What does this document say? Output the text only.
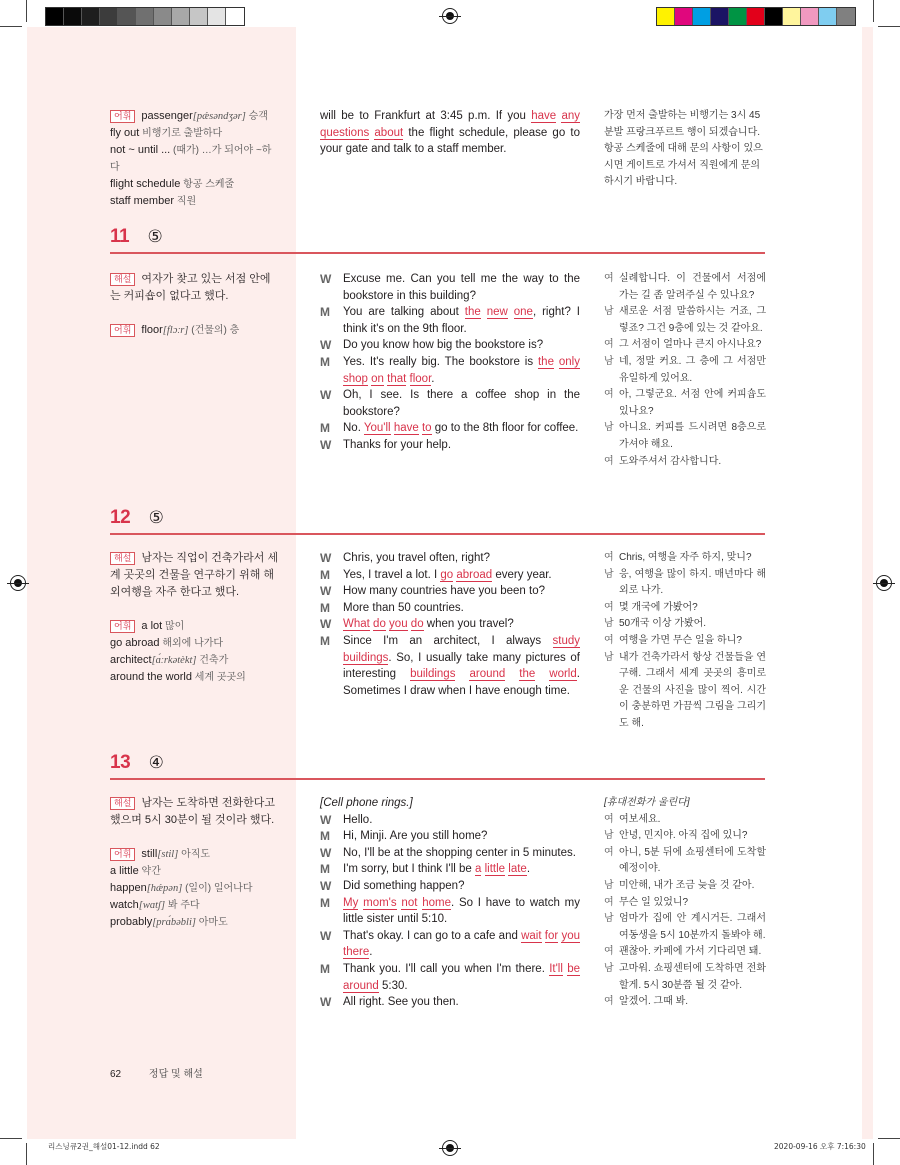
어휘 passenger[pǽsəndʒər] 승객
fly out 비행기로 출발하다
not ~ until ... (때가) …가 되어야 ~하다
flight schedule 항공 스케줄
staff member 직원
will be to Frankfurt at 3:45 p.m. If you have any questions about the flight schedule, please go to your gate and talk to a staff member.
가장 먼저 출발하는 비행기는 3시 45분발 프랑크푸르트 행이 되겠습니다. 항공 스케줄에 대해 문의 사항이 있으시면 게이트로 가셔서 직원에게 문의하시기 바랍니다.
11 ⑤
해설 여자가 찾고 있는 서점 안에는 커피숍이 없다고 했다.
어휘 floor[flɔːr] (건물의) 층
W	Excuse me. Can you tell me the way to the bookstore in this building?
M	You are talking about the new one, right? I think it's on the 9th floor.
W	Do you know how big the bookstore is?
M	Yes. It's really big. The bookstore is the only shop on that floor.
W	Oh, I see. Is there a coffee shop in the bookstore?
M	No. You'll have to go to the 8th floor for coffee.
W	Thanks for your help.
여 실례합니다. 이 건물에서 서점에 가는 길 좀 알려주실 수 있나요?
남 새로운 서점 말씀하시는 거죠, 그렇죠? 그건 9층에 있는 것 같아요.
여 그 서점이 얼마나 큰지 아시나요?
남 네, 정말 커요. 그 층에 그 서점만 유일하게 있어요.
여 아, 그렇군요. 서점 안에 커피숍도 있나요?
남 아니요. 커피를 드시려면 8층으로 가셔야 해요.
여 도와주셔서 감사합니다.
12 ⑤
해설 남자는 직업이 건축가라서 세계 곳곳의 건물을 연구하기 위해 해외여행을 자주 한다고 했다.
어휘 a lot 많이
go abroad 해외에 나가다
architect[ɑ́ːrkətèkt] 건축가
around the world 세계 곳곳의
W	Chris, you travel often, right?
M	Yes, I travel a lot. I go abroad every year.
W	How many countries have you been to?
M	More than 50 countries.
W	What do you do when you travel?
M	Since I'm an architect, I always study buildings. So, I usually take many pictures of interesting buildings around the world. Sometimes I draw when I have enough time.
여 Chris, 여행을 자주 하지, 맞니?
남 응, 여행을 많이 하지. 매년마다 해외로 나가.
여 몇 개국에 가봤어?
남 50개국 이상 가봤어.
여 여행을 가면 무슨 일을 하니?
남 내가 건축가라서 항상 건물들을 연구해. 그래서 세계 곳곳의 흥미로운 건물의 사진을 많이 찍어. 시간이 충분하면 가끔씩 그림을 그리기도 해.
13 ④
해설 남자는 도착하면 전화한다고 했으며 5시 30분이 될 것이라 했다.
어휘 still[stil] 아직도
a little 약간
happen[hǽpən] (일이) 일어나다
watch[wɑtʃ] 봐 주다
probably[prɑ́bəbli] 아마도
[Cell phone rings.]
W	Hello.
M	Hi, Minji. Are you still home?
W	No, I'll be at the shopping center in 5 minutes.
M	I'm sorry, but I think I'll be a little late.
W	Did something happen?
M	My mom's not home. So I have to watch my little sister until 5:10.
W	That's okay. I can go to a cafe and wait for you there.
M	Thank you. I'll call you when I'm there. It'll be around 5:30.
W	All right. See you then.
[휴대전화가 울린다]
여 여보세요.
남 안녕, 민지야. 아직 집에 있니?
여 아니, 5분 뒤에 쇼핑센터에 도착할 예정이야.
남 미안해, 내가 조금 늦을 것 같아.
여 무슨 일 있었니?
남 엄마가 집에 안 계시거든. 그래서 여동생을 5시 10분까지 돌봐야 해.
여 괜찮아. 카페에 가서 기다리면 돼.
남 고마워. 쇼핑센터에 도착하면 전화할게. 5시 30분쯤 될 것 같아.
여 알겠어. 그때 봐.
62	정답 및 해설
리스닝큐2권_해설01-12.indd 62	2020-09-16 오후 7:16:30
